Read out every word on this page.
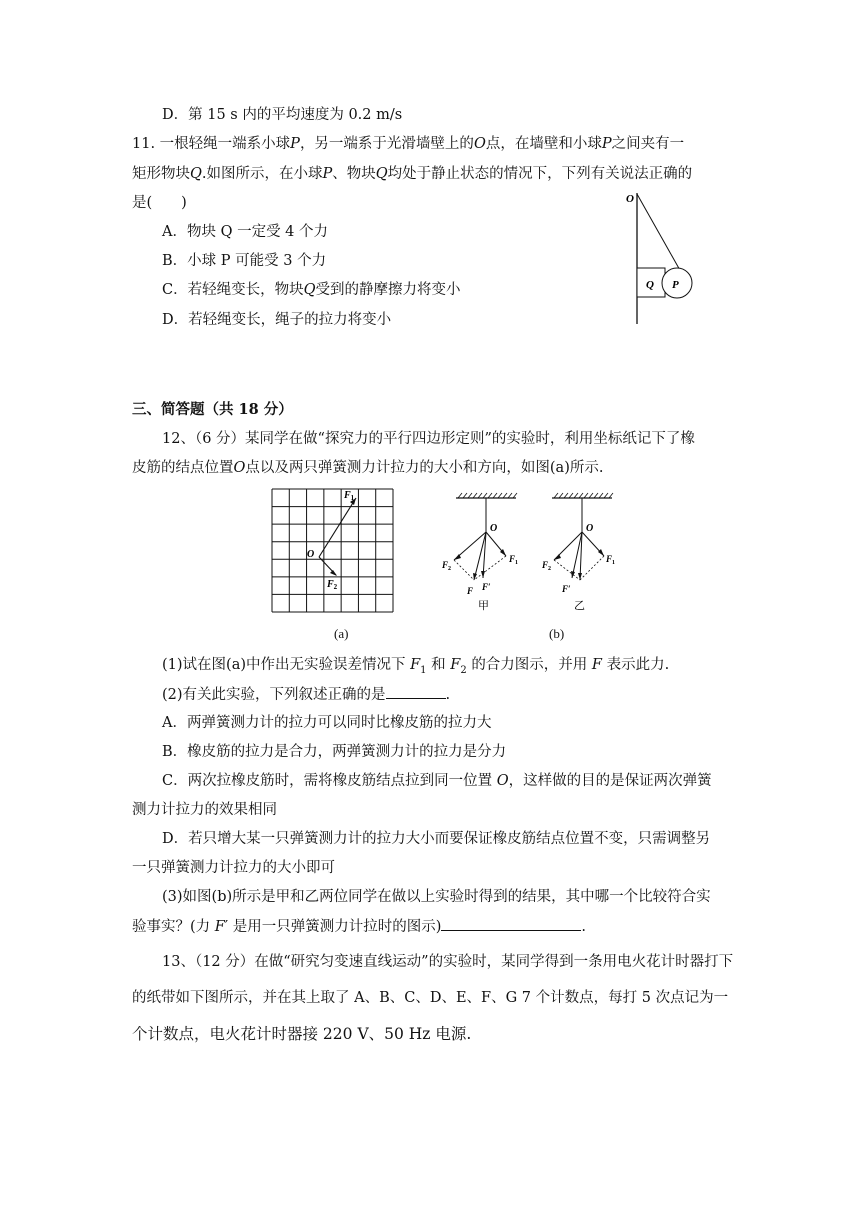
D．第 15 s 内的平均速度为 0.2 m/s
11. 一根轻绳一端系小球P，另一端系于光滑墙壁上的O点，在墙壁和小球P之间夹有一
矩形物块Q.如图所示，在小球P、物块Q均处于静止状态的情况下，下列有关说法正确的
是(　　)
A．物块 Q 一定受 4 个力
B．小球 P 可能受 3 个力
C．若轻绳变长，物块Q受到的静摩擦力将变小
D．若轻绳变长，绳子的拉力将变小
O
Q P
三、简答题（共 18 分）
12、（6 分）某同学在做“探究力的平行四边形定则”的实验时，利用坐标纸记下了橡
皮筋的结点位置O点以及两只弹簧测力计拉力的大小和方向，如图(a)所示.
O
$F_1$
$F_2$
(a)
O
$F_2$
$F_1$
F F′
甲
O
$F_2$
$F_1$
F′
乙
(b)
(1)试在图(a)中作出无实验误差情况下 $F_1$ 和 $F_2$ 的合力图示，并用 F 表示此力.
(2)有关此实验，下列叙述正确的是	.
A．两弹簧测力计的拉力可以同时比橡皮筋的拉力大
B．橡皮筋的拉力是合力，两弹簧测力计的拉力是分力
C．两次拉橡皮筋时，需将橡皮筋结点拉到同一位置 O，这样做的目的是保证两次弹簧
测力计拉力的效果相同
D．若只增大某一只弹簧测力计的拉力大小而要保证橡皮筋结点位置不变，只需调整另
一只弹簧测力计拉力的大小即可
(3)如图(b)所示是甲和乙两位同学在做以上实验时得到的结果，其中哪一个比较符合实
验事实？(力 F′ 是用一只弹簧测力计拉时的图示)	.
13、（12 分）在做“研究匀变速直线运动”的实验时，某同学得到一条用电火花计时器打下
的纸带如下图所示，并在其上取了 A、B、C、D、E、F、G 7 个计数点，每打 5 次点记为一
个计数点，电火花计时器接 220 V、50 Hz 电源.
